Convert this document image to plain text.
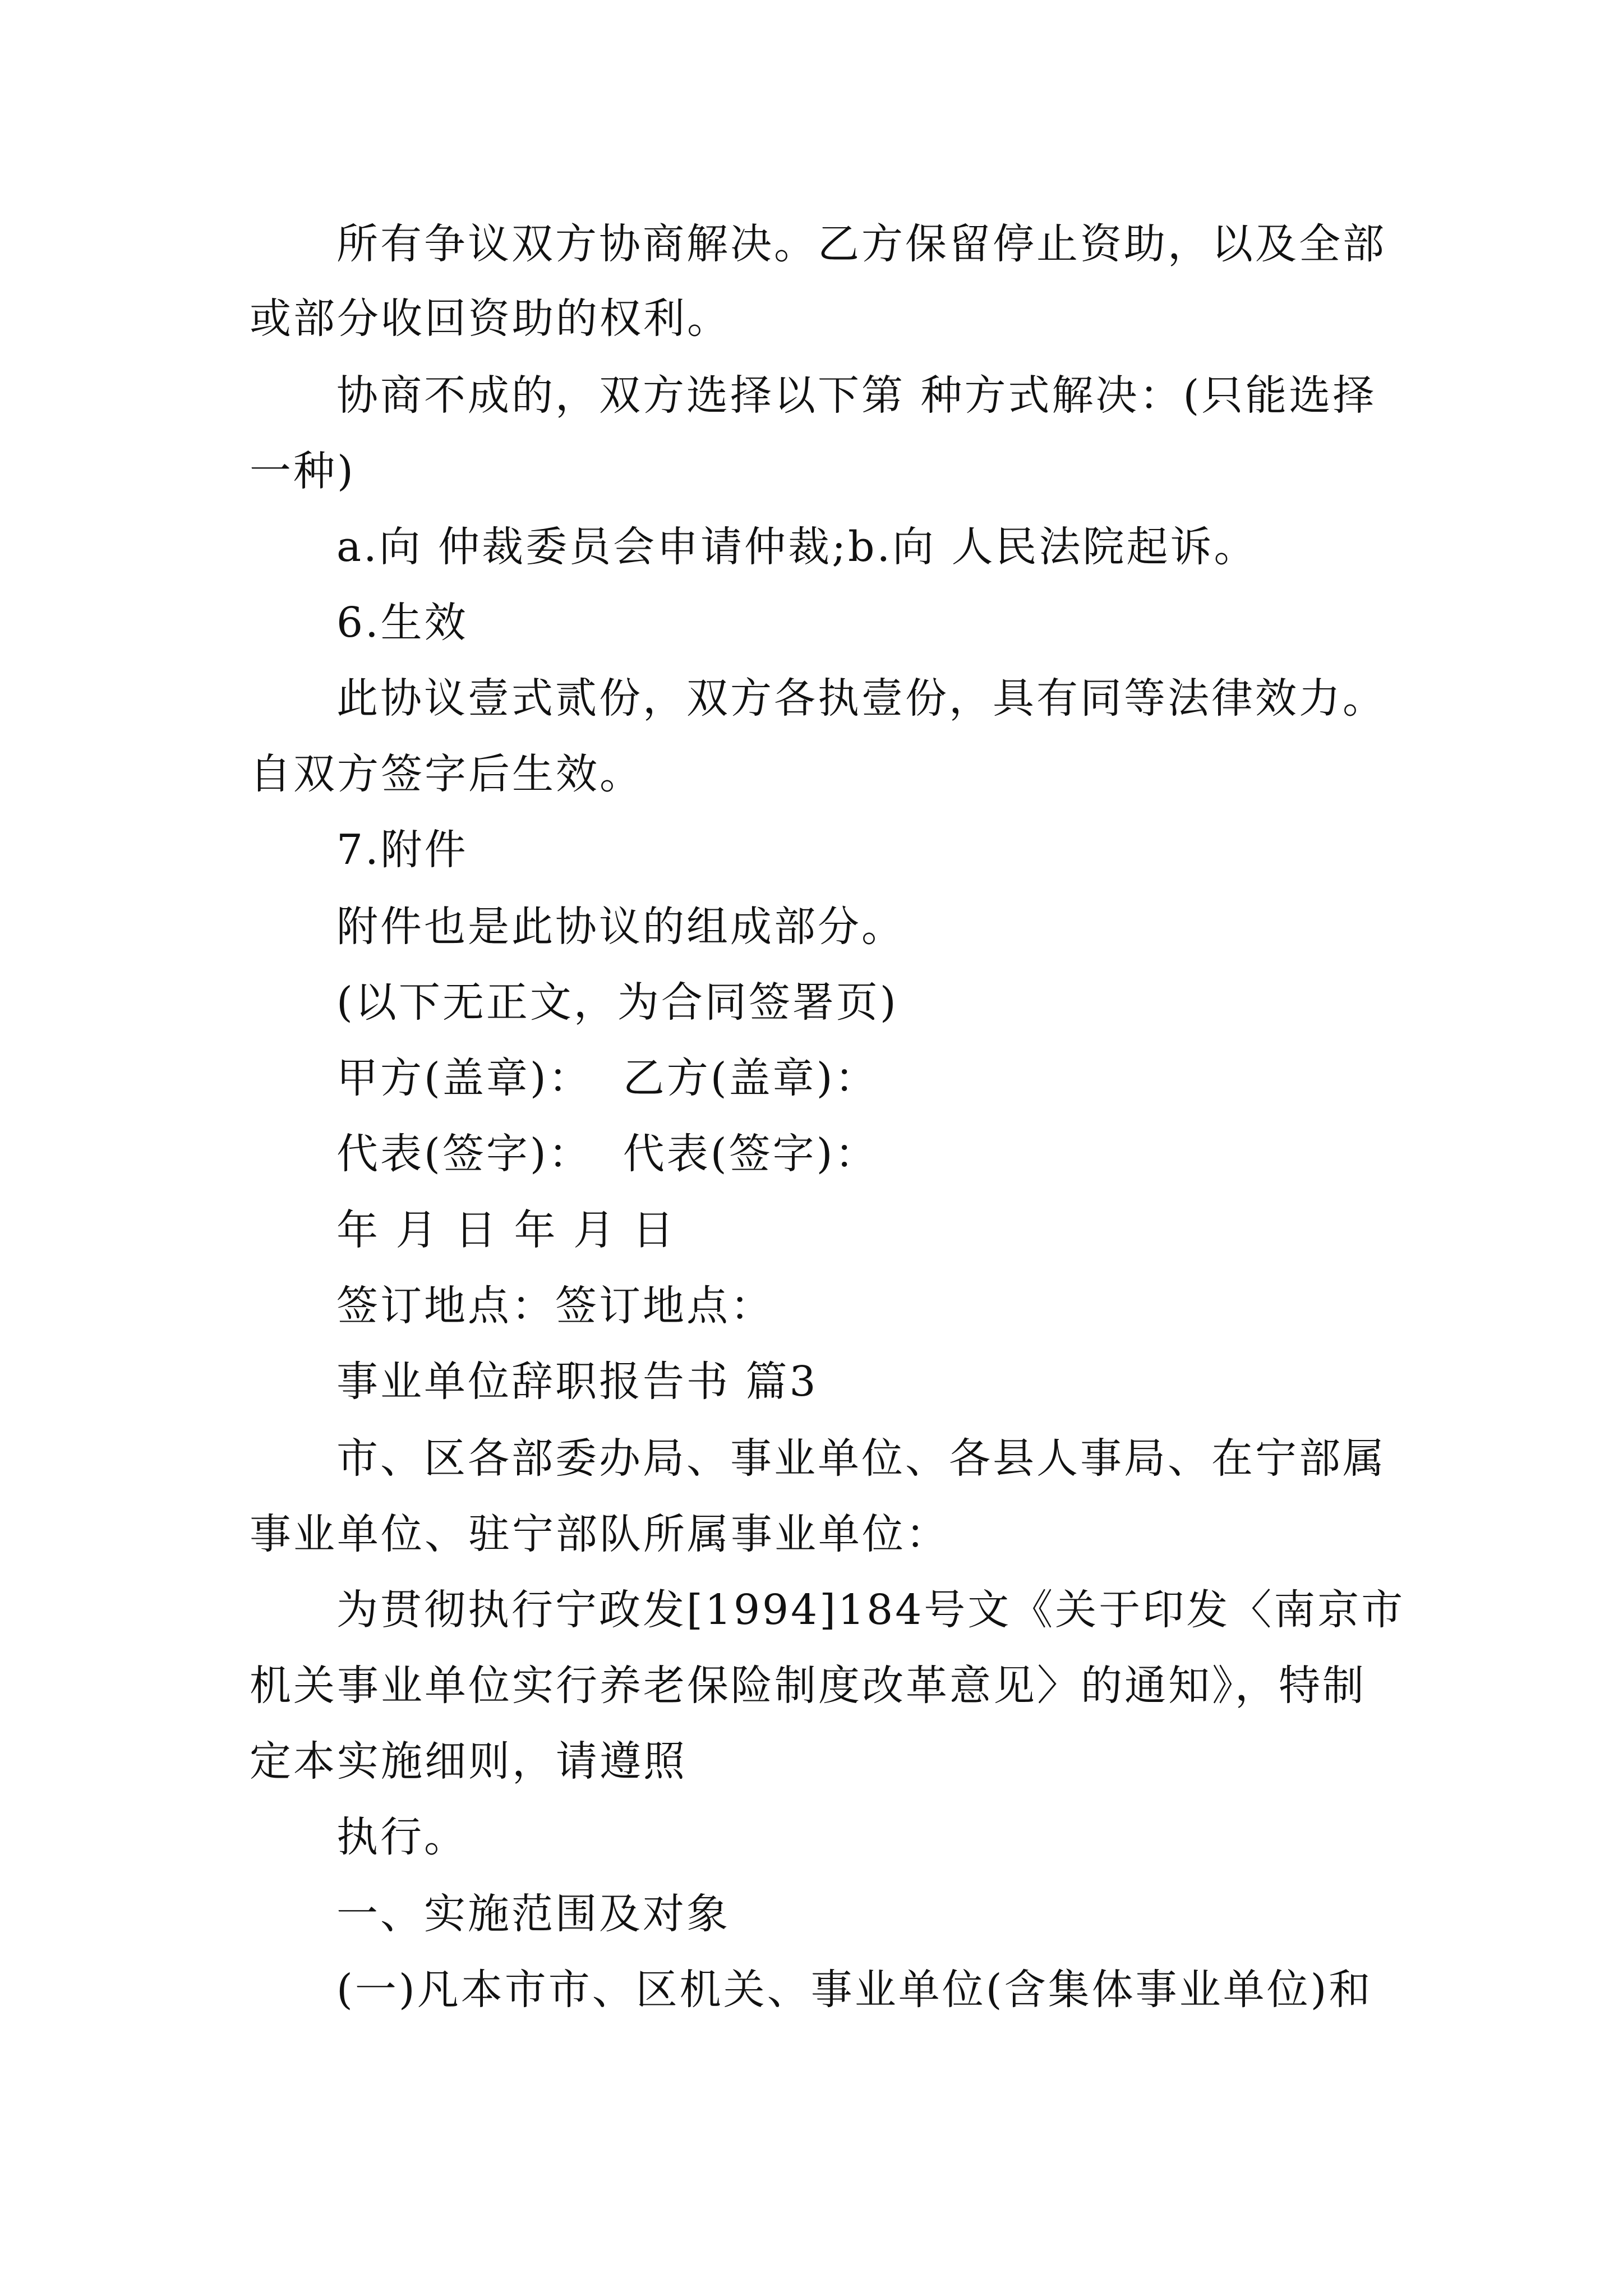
所有争议双方协商解决。乙方保留停止资助，以及全部
或部分收回资助的权利。
协商不成的，双方选择以下第 种方式解决：(只能选择
一种)
a.向 仲裁委员会申请仲裁;b.向 人民法院起诉。
6.生效
此协议壹式贰份，双方各执壹份，具有同等法律效力。
自双方签字后生效。
7.附件
附件也是此协议的组成部分。
(以下无正文，为合同签署页)
甲方(盖章)：  乙方(盖章)：
代表(签字)：  代表(签字)：
年 月 日 年 月 日
签订地点：签订地点：
事业单位辞职报告书 篇3
市、区各部委办局、事业单位、各县人事局、在宁部属
事业单位、驻宁部队所属事业单位：
为贯彻执行宁政发[1994]184号文《关于印发〈南京市
机关事业单位实行养老保险制度改革意见〉的通知》，特制
定本实施细则，请遵照
执行。
一、实施范围及对象
(一)凡本市市、区机关、事业单位(含集体事业单位)和
